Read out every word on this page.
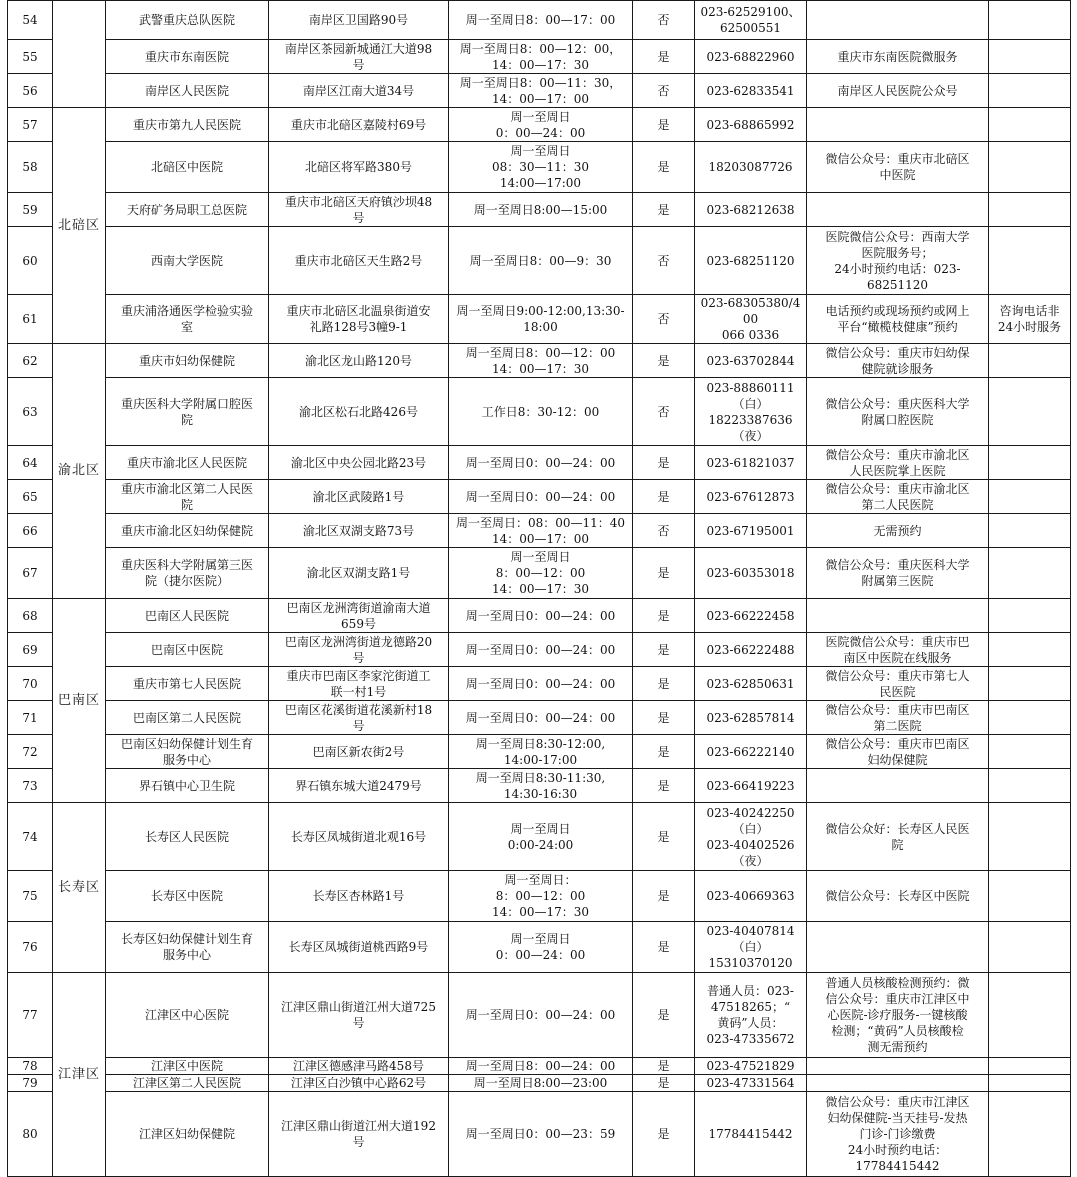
54		武警重庆总队医院	南岸区卫国路90号	周一至周日8：00—17：00	否	023-62529100、
62500551		
55		重庆市东南医院	南岸区茶园新城通江大道98
号	周一至周日8：00—12：00，
14：00—17：30	是	023-68822960	重庆市东南医院微服务	
56		南岸区人民医院	南岸区江南大道34号	周一至周日8：00—11：30，
14：00—17：00	否	023-62833541	南岸区人民医院公众号	
57	北碚区	重庆市第九人民医院	重庆市北碚区嘉陵村69号	周一至周日
0：00—24：00	是	023-68865992		
58		北碚区中医院	北碚区将军路380号	周一至周日
08：30—11：30
14:00—17:00	是	18203087726	微信公众号：重庆市北碚区
中医院	
59		天府矿务局职工总医院	重庆市北碚区天府镇沙坝48
号	周一至周日8:00—15:00	是	023-68212638		
60		西南大学医院	重庆市北碚区天生路2号	周一至周日8：00—9：30	否	023-68251120	医院微信公众号：西南大学
医院服务号；
24小时预约电话：023-
68251120	
61		重庆浦洛通医学检验实验
室	重庆市北碚区北温泉街道安
礼路128号3幢9-1	周一至周日9:00-12:00,13:30-
18:00	否	023-68305380/400
066 0336	电话预约或现场预约或网上
平台“橄榄枝健康”预约	咨询电话非
24小时服务
62	渝北区	重庆市妇幼保健院	渝北区龙山路120号	周一至周日8：00—12：00
14：00—17：30	是	023-63702844	微信公众号：重庆市妇幼保
健院就诊服务	
63		重庆医科大学附属口腔医
院	渝北区松石北路426号	工作日8：30-12：00	否	023-88860111
（白）
18223387636
（夜）	微信公众号：重庆医科大学
附属口腔医院	
64		重庆市渝北区人民医院	渝北区中央公园北路23号	周一至周日0：00—24：00	是	023-61821037	微信公众号：重庆市渝北区
人民医院掌上医院	
65		重庆市渝北区第二人民医
院	渝北区武陵路1号	周一至周日0：00—24：00	是	023-67612873	微信公众号：重庆市渝北区
第二人民医院	
66		重庆市渝北区妇幼保健院	渝北区双湖支路73号	周一至周日：08：00—11：40
14：00—17：00	否	023-67195001	无需预约	
67		重庆医科大学附属第三医
院（捷尔医院）	渝北区双湖支路1号	周一至周日
8：00—12：00
14：00—17：30	是	023-60353018	微信公众号：重庆医科大学
附属第三医院	
68	巴南区	巴南区人民医院	巴南区龙洲湾街道渝南大道
659号	周一至周日0：00—24：00	是	023-66222458		
69		巴南区中医院	巴南区龙洲湾街道龙德路20
号	周一至周日0：00—24：00	是	023-66222488	医院微信公众号：重庆市巴
南区中医院在线服务	
70		重庆市第七人民医院	重庆市巴南区李家沱街道工
联一村1号	周一至周日0：00—24：00	是	023-62850631	微信公众号：重庆市第七人
民医院	
71		巴南区第二人民医院	巴南区花溪街道花溪新村18
号	周一至周日0：00—24：00	是	023-62857814	微信公众号：重庆市巴南区
第二医院	
72		巴南区妇幼保健计划生育
服务中心	巴南区新农街2号	周一至周日8:30-12:00,
14:00-17:00	是	023-66222140	微信公众号：重庆市巴南区
妇幼保健院	
73		界石镇中心卫生院	界石镇东城大道2479号	周一至周日8:30-11:30,
14:30-16:30	是	023-66419223		
74	长寿区	长寿区人民医院	长寿区凤城街道北观16号	周一至周日
0:00-24:00	是	023-40242250
（白）
023-40402526
（夜）	微信公众好：长寿区人民医
院	
75		长寿区中医院	长寿区杏林路1号	周一至周日：
8：00—12：00
14：00—17：30	是	023-40669363	微信公众号：长寿区中医院	
76		长寿区妇幼保健计划生育
服务中心	长寿区凤城街道桃西路9号	周一至周日
0：00—24：00	是	023-40407814
（白）
15310370120		
77	江津区	江津区中心医院	江津区鼎山街道江州大道725
号	周一至周日0：00—24：00	是	普通人员：023-
47518265；“
黄码”人员：
023-47335672	普通人员核酸检测预约：微
信公众号：重庆市江津区中
心医院-诊疗服务-一键核酸
检测；“黄码”人员核酸检
测无需预约	
78		江津区中医院	江津区德感津马路458号	周一至周日8：00—24：00	是	023-47521829		
79		江津区第二人民医院	江津区白沙镇中心路62号	周一至周日8:00—23:00	是	023-47331564		
80		江津区妇幼保健院	江津区鼎山街道江州大道192
号	周一至周日0：00—23：59	是	17784415442	微信公众号：重庆市江津区
妇幼保健院-当天挂号-发热
门诊-门诊缴费
24小时预约电话：
17784415442	
